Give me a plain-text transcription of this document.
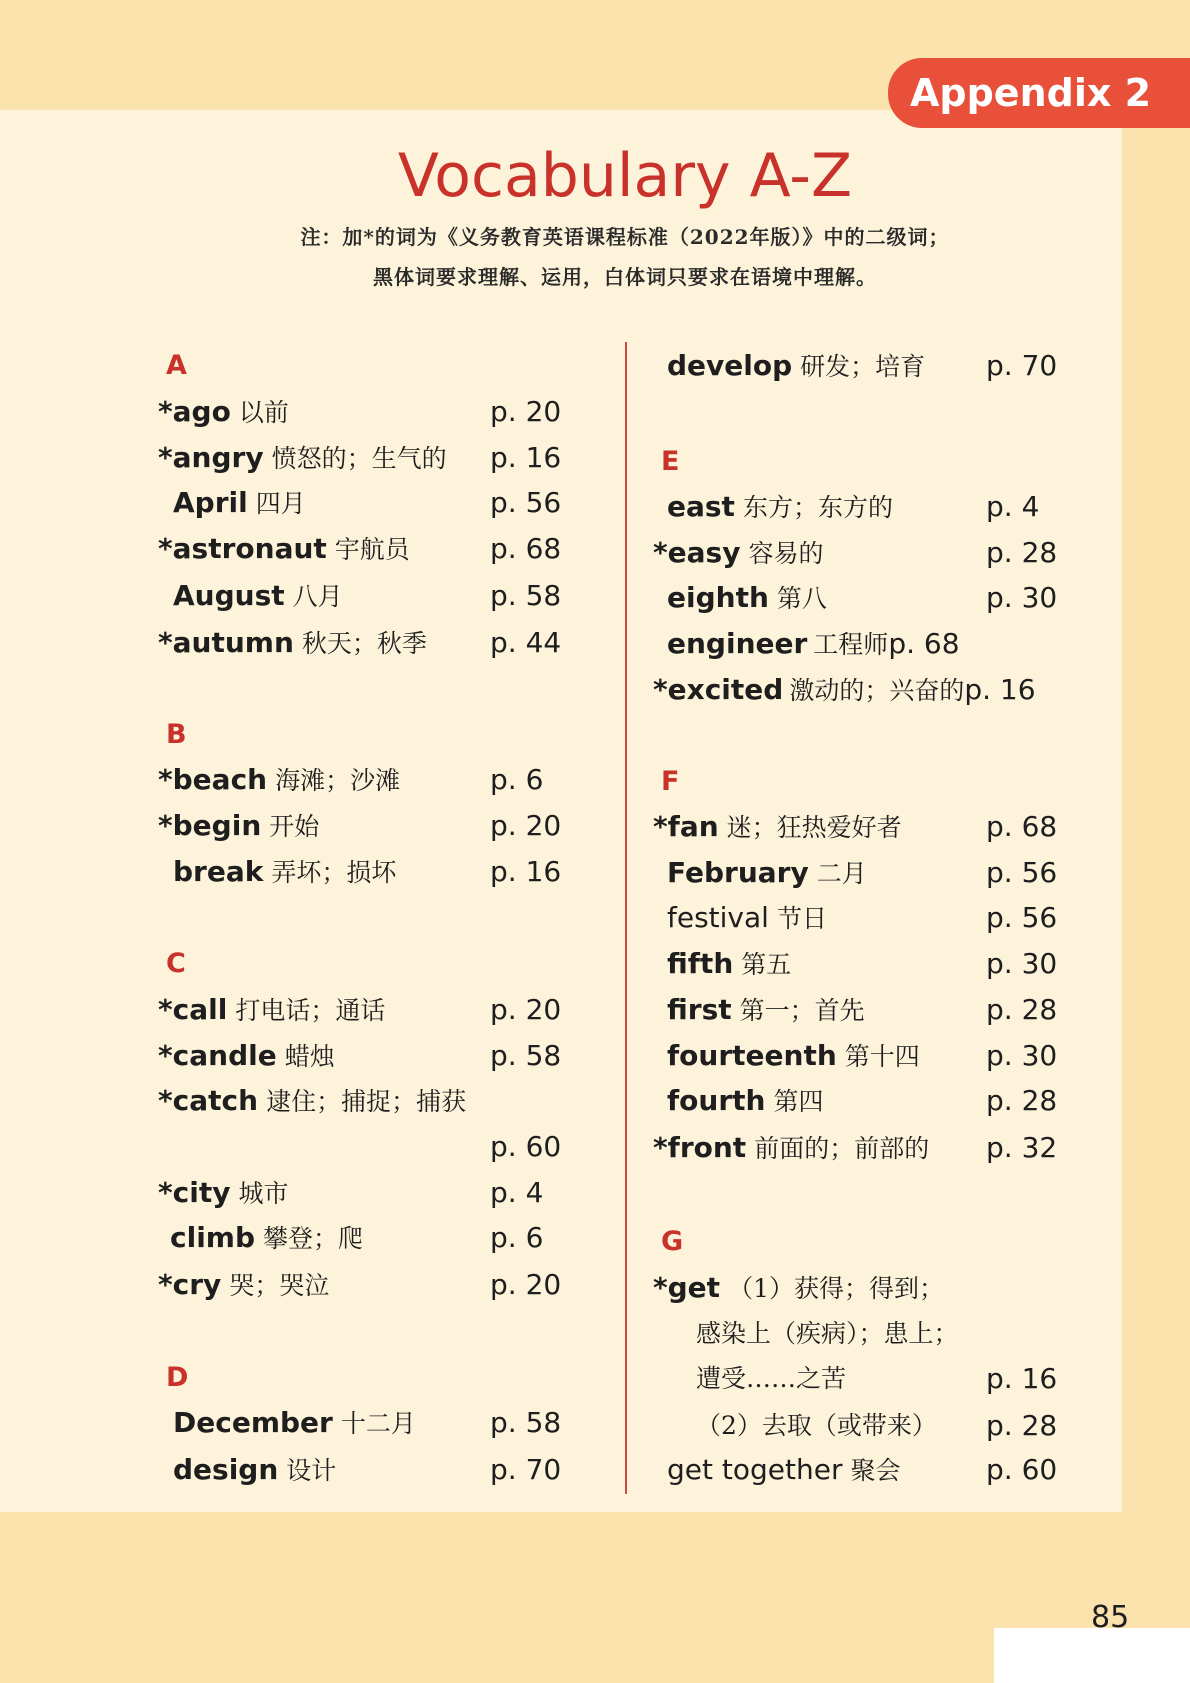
Appendix 2
Vocabulary A-Z
注：加*的词为《义务教育英语课程标准（2022年版）》中的二级词；
黑体词要求理解、运用，白体词只要求在语境中理解。
A
*ago 以前	p. 20
*angry 愤怒的；生气的 p. 16
April 四月	p. 56
*astronaut 宇航员	p. 68
August 八月	p. 58
*autumn 秋天；秋季 p. 44
B
*beach 海滩；沙滩	p. 6
*begin 开始	p. 20
break 弄坏；损坏	p. 16
C
*call 打电话；通话	p. 20
*candle 蜡烛	p. 58
*catch 逮住；捕捉；捕获
p. 60
*city 城市	p. 4
climb 攀登；爬	p. 6
*cry 哭；哭泣	p. 20
D
December 十二月	p. 58
design 设计	p. 70
develop 研发；培育 p. 70
E
east 东方；东方的	p. 4
*easy 容易的	p. 28
eighth 第八	p. 30
engineer 工程师p. 68
*excited 激动的；兴奋的p. 16
F
*fan 迷；狂热爱好者	p. 68
February 二月	p. 56
festival 节日	p. 56
fifth 第五	p. 30
first 第一；首先	p. 28
fourteenth 第十四 p. 30
fourth 第四	p. 28
*front 前面的；前部的 p. 32
G
*get （1）获得；得到；
感染上（疾病）；患上；
遭受……之苦	p. 16
（2）去取（或带来） p. 28
get together 聚会	p. 60
85
